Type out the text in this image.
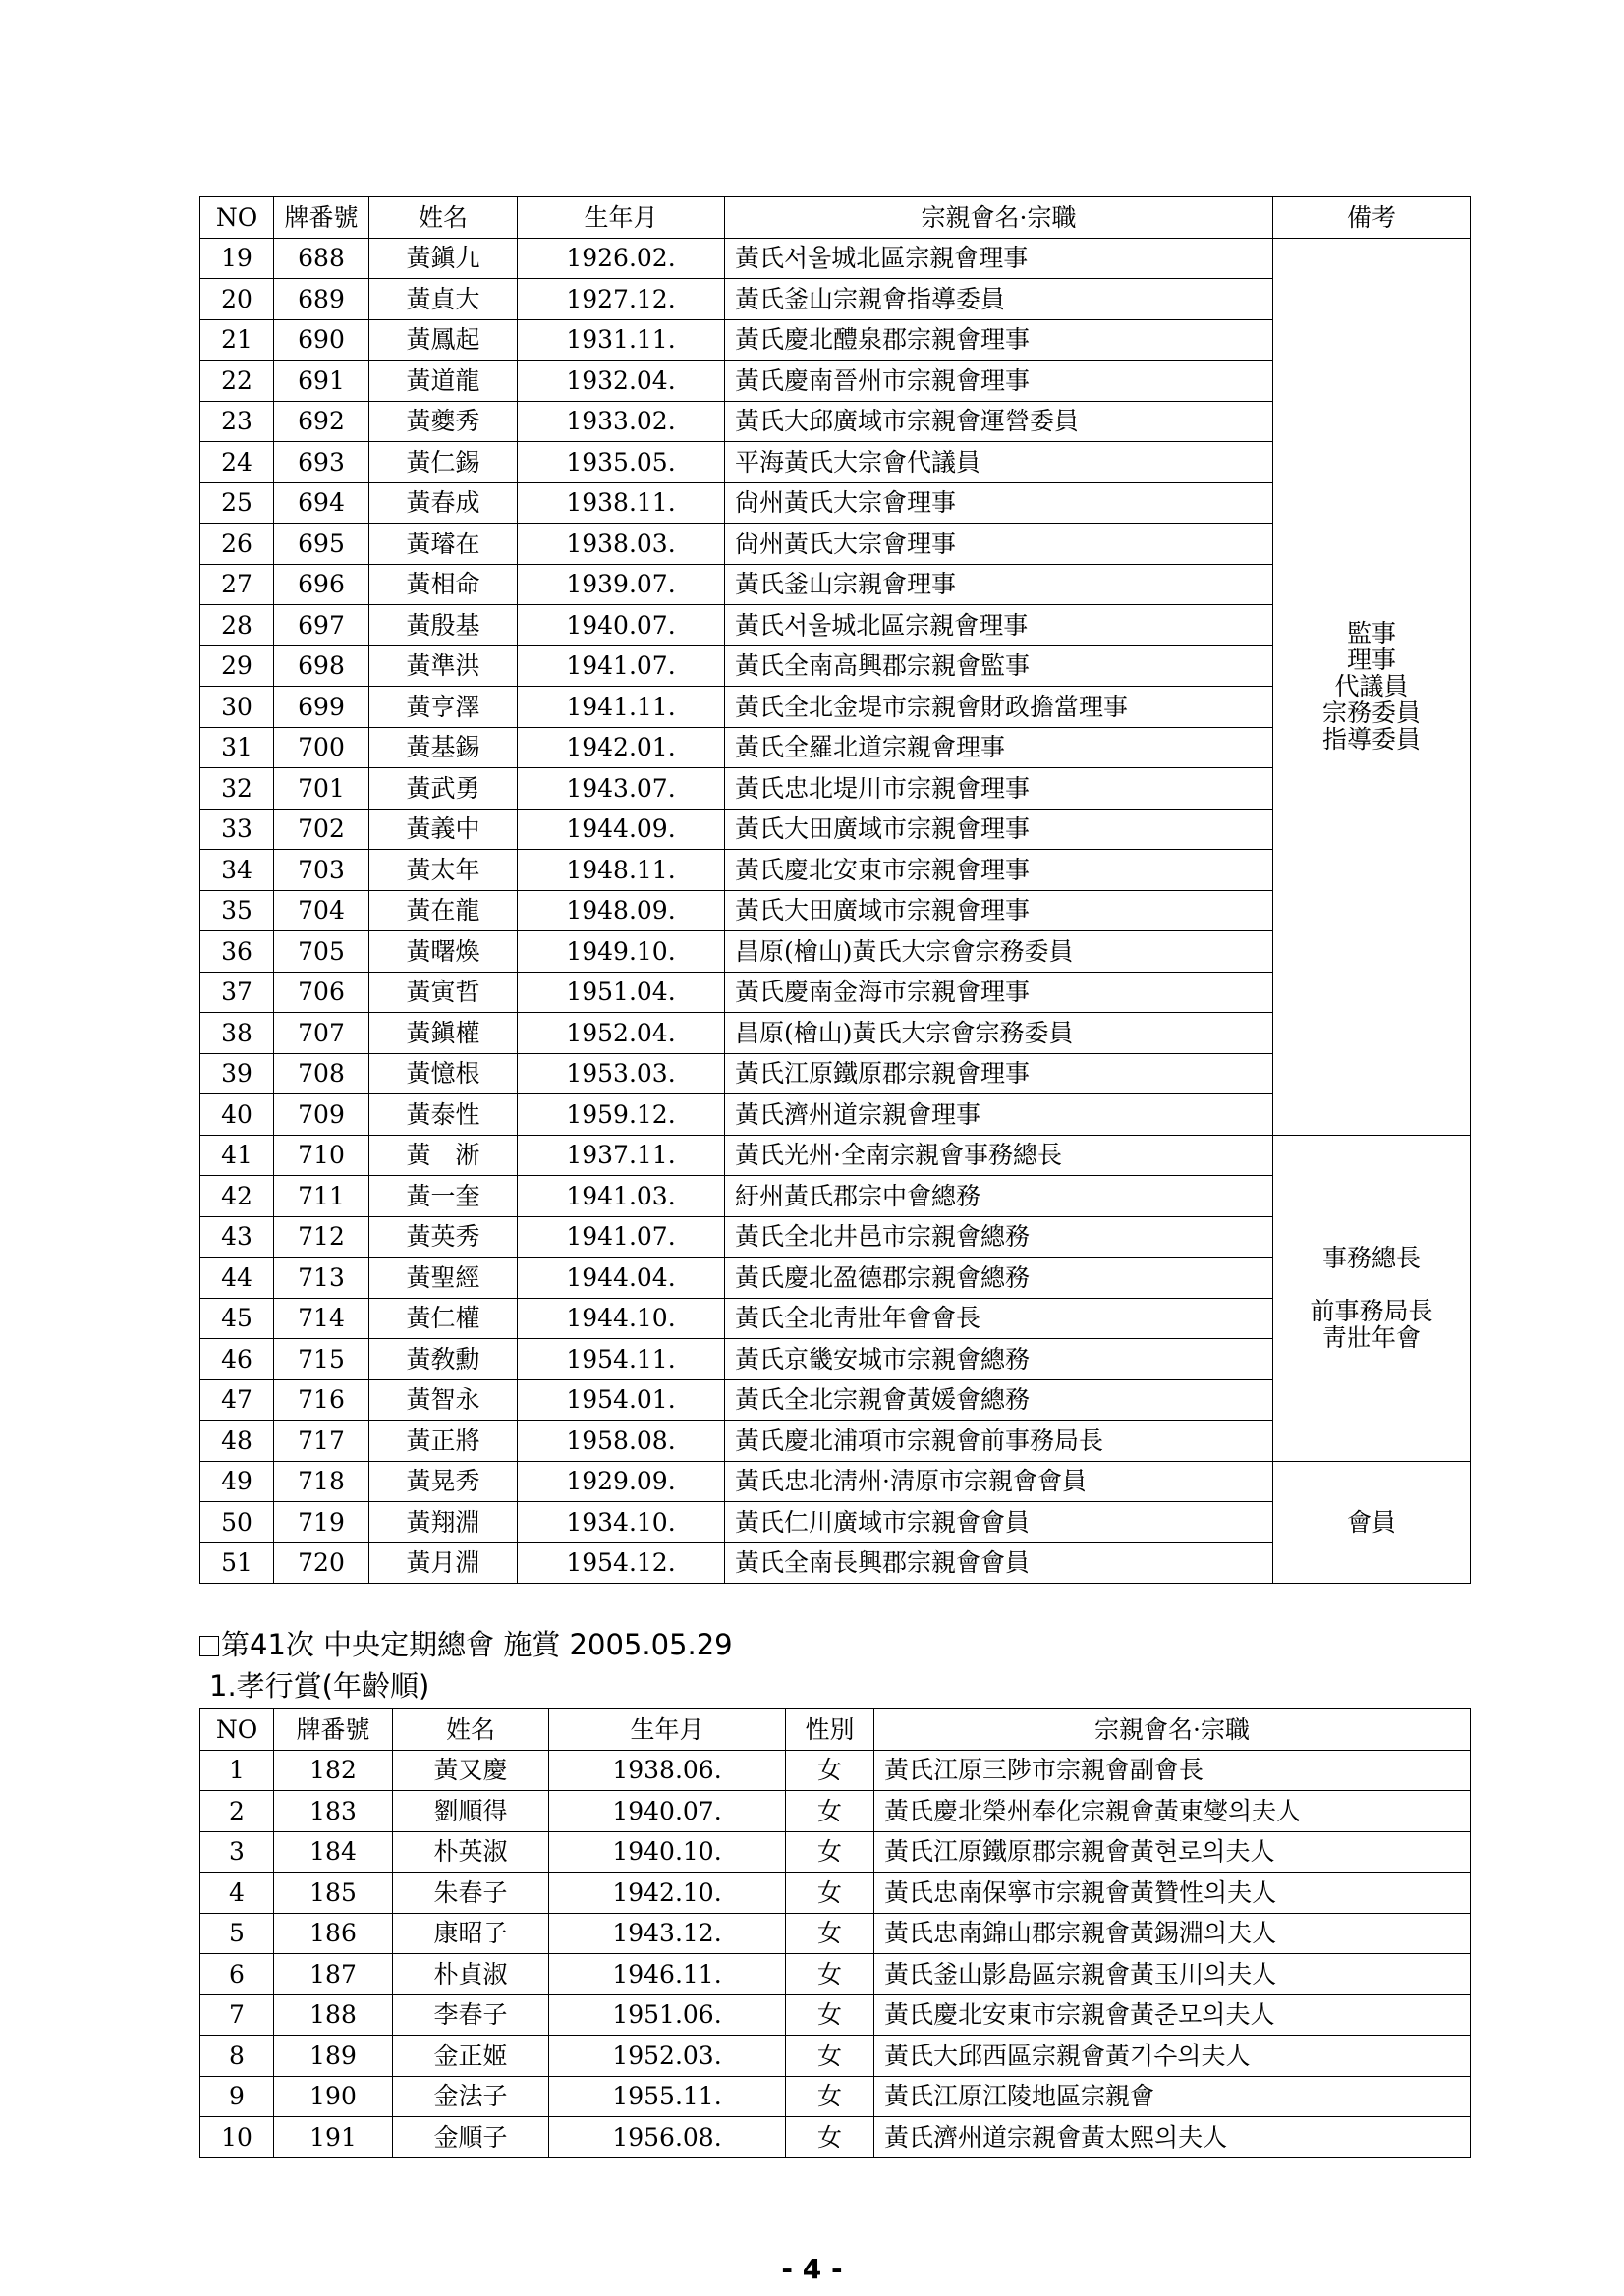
NO	牌番號	姓名	生年月	宗親會名·宗職	備考
19	688	黃鎭九	1926.02.	黃氏서울城北區宗親會理事	監事
理事
代議員
宗務委員
指導委員

20	689	黃貞大	1927.12.	黃氏釜山宗親會指導委員	
21	690	黃鳳起	1931.11.	黃氏慶北醴泉郡宗親會理事	
22	691	黃道龍	1932.04.	黃氏慶南晉州市宗親會理事	
23	692	黃夔秀	1933.02.	黃氏大邱廣域市宗親會運營委員	
24	693	黃仁錫	1935.05.	平海黃氏大宗會代議員	
25	694	黃春成	1938.11.	尙州黃氏大宗會理事	
26	695	黃璿在	1938.03.	尙州黃氏大宗會理事	
27	696	黃相命	1939.07.	黃氏釜山宗親會理事	
28	697	黃殷基	1940.07.	黃氏서울城北區宗親會理事	
29	698	黃準洪	1941.07.	黃氏全南高興郡宗親會監事	
30	699	黃亨澤	1941.11.	黃氏全北金堤市宗親會財政擔當理事	
31	700	黃基錫	1942.01.	黃氏全羅北道宗親會理事	
32	701	黃武勇	1943.07.	黃氏忠北堤川市宗親會理事	
33	702	黃義中	1944.09.	黃氏大田廣域市宗親會理事	
34	703	黃太年	1948.11.	黃氏慶北安東市宗親會理事	
35	704	黃在龍	1948.09.	黃氏大田廣域市宗親會理事	
36	705	黃曙煥	1949.10.	昌原(檜山)黃氏大宗會宗務委員	
37	706	黃寅哲	1951.04.	黃氏慶南金海市宗親會理事	
38	707	黃鎭權	1952.04.	昌原(檜山)黃氏大宗會宗務委員	
39	708	黃憶根	1953.03.	黃氏江原鐵原郡宗親會理事	
40	709	黃泰性	1959.12.	黃氏濟州道宗親會理事	
41	710	黃　淅	1937.11.	黃氏光州·全南宗親會事務總長	事務總長
前事務局長
靑壯年會

42	711	黃一奎	1941.03.	紆州黃氏郡宗中會總務	
43	712	黃英秀	1941.07.	黃氏全北井邑市宗親會總務	
44	713	黃聖經	1944.04.	黃氏慶北盈德郡宗親會總務	
45	714	黃仁權	1944.10.	黃氏全北靑壯年會會長	
46	715	黃敎勳	1954.11.	黃氏京畿安城市宗親會總務	
47	716	黃智永	1954.01.	黃氏全北宗親會黃媛會總務	
48	717	黃正將	1958.08.	黃氏慶北浦項市宗親會前事務局長	
49	718	黃晃秀	1929.09.	黃氏忠北淸州·淸原市宗親會會員	會員

50	719	黃翔淵	1934.10.	黃氏仁川廣域市宗親會會員	
51	720	黃月淵	1954.12.	黃氏全南長興郡宗親會會員	
第41次 中央定期總會 施賞 2005.05.29
1.孝行賞(年齡順)
NO	牌番號	姓名	生年月	性別	宗親會名·宗職
1	182	黃又慶	1938.06.	女	黃氏江原三陟市宗親會副會長
2	183	劉順得	1940.07.	女	黃氏慶北榮州奉化宗親會黃東燮의夫人
3	184	朴英淑	1940.10.	女	黃氏江原鐵原郡宗親會黃현로의夫人
4	185	朱春子	1942.10.	女	黃氏忠南保寧市宗親會黃贊性의夫人
5	186	康昭子	1943.12.	女	黃氏忠南錦山郡宗親會黃錫淵의夫人
6	187	朴貞淑	1946.11.	女	黃氏釜山影島區宗親會黃玉川의夫人
7	188	李春子	1951.06.	女	黃氏慶北安東市宗親會黃준모의夫人
8	189	金正姬	1952.03.	女	黃氏大邱西區宗親會黃기수의夫人
9	190	金法子	1955.11.	女	黃氏江原江陵地區宗親會
10	191	金順子	1956.08.	女	黃氏濟州道宗親會黃太熙의夫人
- 4 -
